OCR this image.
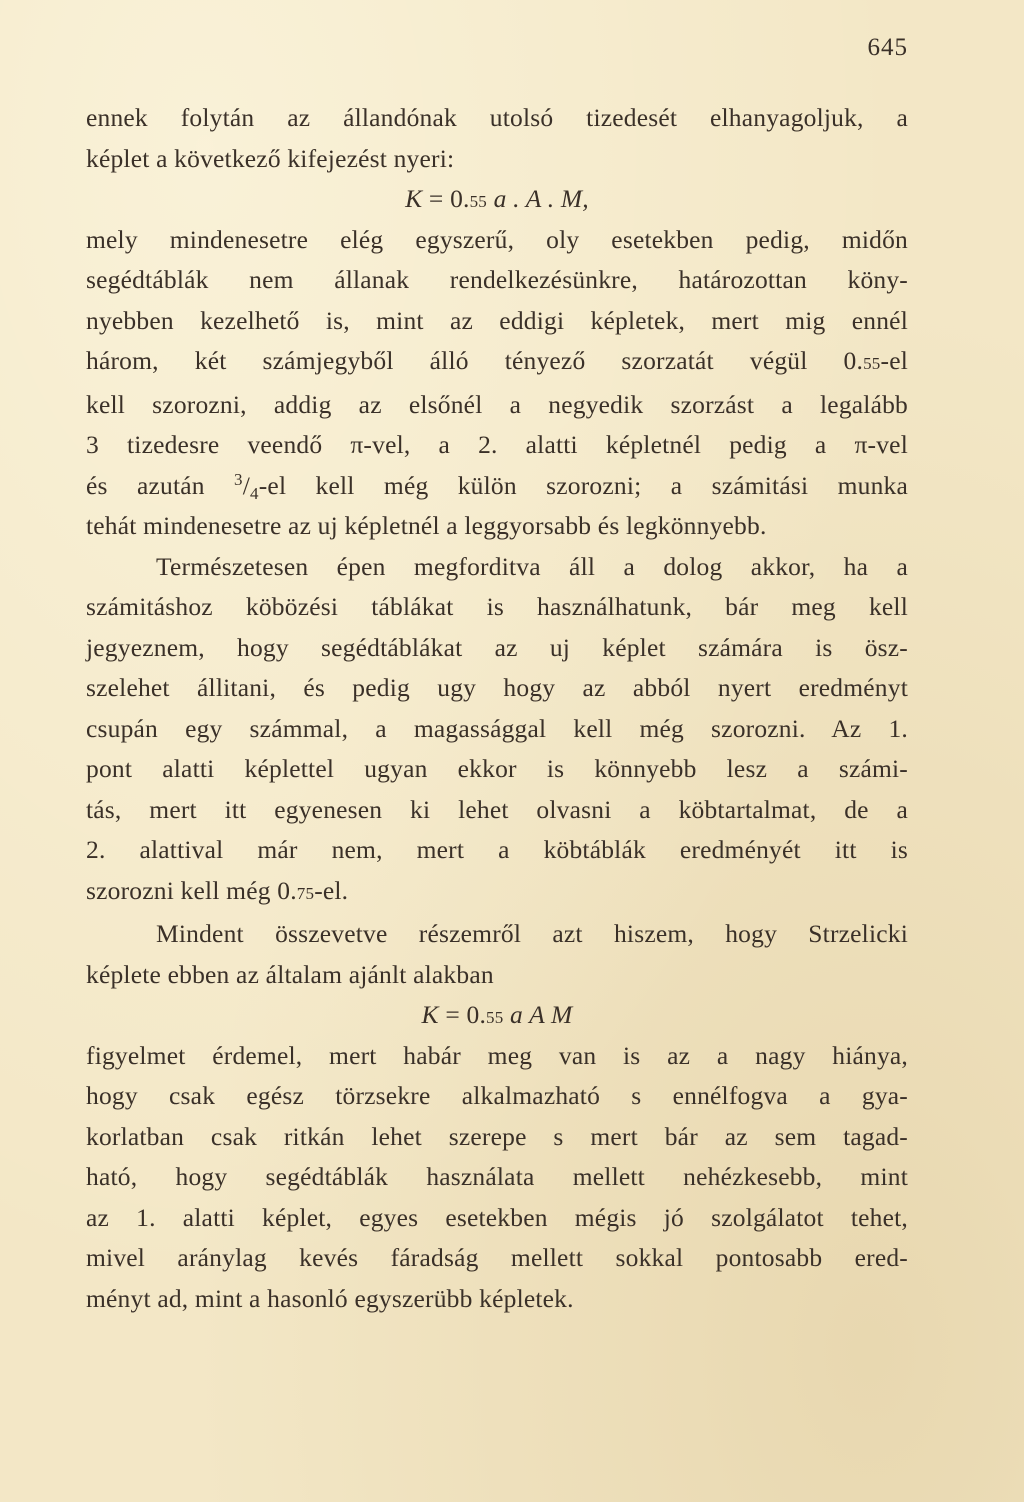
645

ennek folytán az állandónak utolsó tizedesét elhanyagoljuk, a
képlet a következő kifejezést nyeri:

K = 0.55 a . A . M,

mely mindenesetre elég egyszerű, oly esetekben pedig, midőn
segédtáblák nem állanak rendelkezésünkre, határozottan köny-
nyebben kezelhető is, mint az eddigi képletek, mert mig ennél
három, két számjegyből álló tényező szorzatát végül 0.55-el
kell szorozni, addig az elsőnél a negyedik szorzást a legalább
3 tizedesre veendő π-vel, a 2. alatti képletnél pedig a π-vel
és azután $^3/_4-el$ kell még külön szorozni; a számitási munka
tehát mindenesetre az uj képletnél a leggyorsabb és legkönnyebb.

Természetesen épen megforditva áll a dolog akkor, ha a
számitáshoz köbözési táblákat is használhatunk, bár meg kell
jegyeznem, hogy segédtáblákat az uj képlet számára is ösz-
szelehet állitani, és pedig ugy hogy az abból nyert eredményt
csupán egy számmal, a magassággal kell még szorozni. Az 1.
pont alatti képlettel ugyan ekkor is könnyebb lesz a számi-
tás, mert itt egyenesen ki lehet olvasni a köbtartalmat, de a
2. alattival már nem, mert a köbtáblák eredményét itt is
szorozni kell még 0.75-el.

Mindent összevetve részemről azt hiszem, hogy Strzelicki
képlete ebben az általam ajánlt alakban

K = 0.55 a A M

figyelmet érdemel, mert habár meg van is az a nagy hiánya,
hogy csak egész törzsekre alkalmazható s ennélfogva a gya-
korlatban csak ritkán lehet szerepe s mert bár az sem tagad-
ható, hogy segédtáblák használata mellett nehézkesebb, mint
az 1. alatti képlet, egyes esetekben mégis jó szolgálatot tehet,
mivel aránylag kevés fáradság mellett sokkal pontosabb ered-
ményt ad, mint a hasonló egyszerübb képletek.
